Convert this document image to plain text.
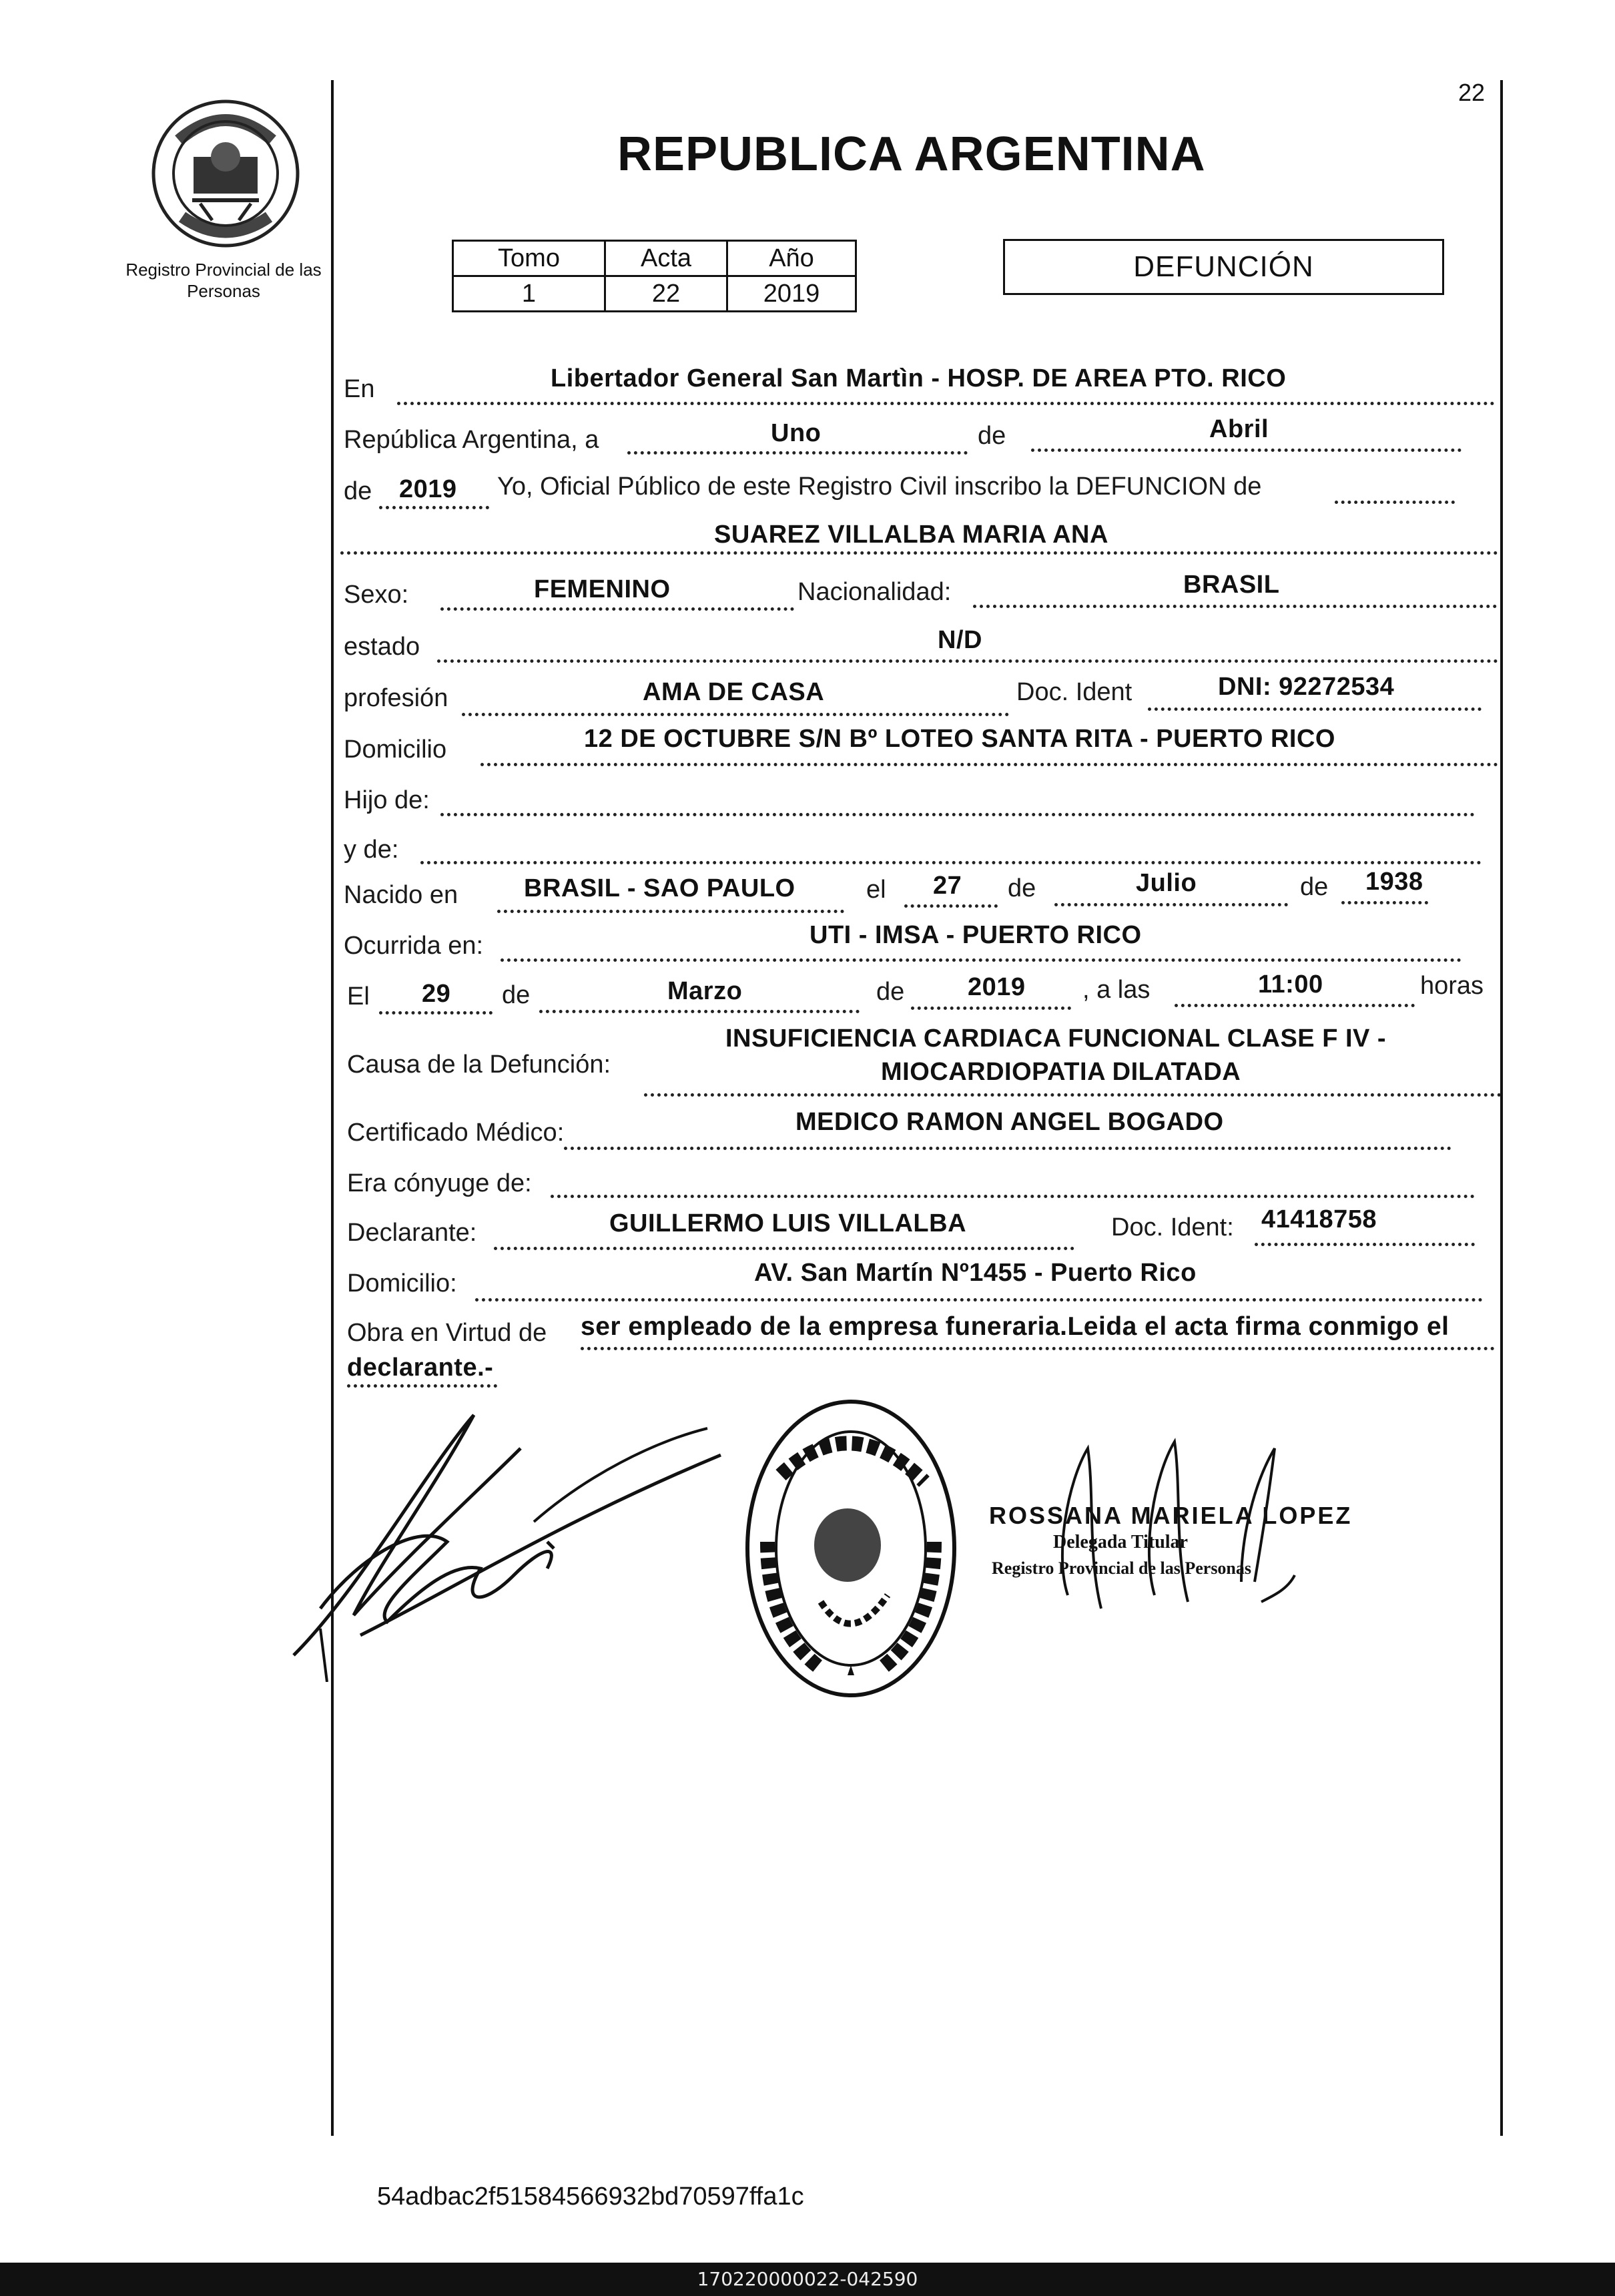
Registro Provincial de las Personas
22
REPUBLICA ARGENTINA
Tomo	Acta	Año
1	22	2019
DEFUNCIÓN
En	Libertador General San Martìn - HOSP. DE AREA PTO. RICO
República Argentina, a	Uno	de	Abril
de 2019 Yo, Oficial Público de este Registro Civil inscribo la DEFUNCION de
SUAREZ VILLALBA MARIA ANA
Sexo:	FEMENINO	Nacionalidad:	BRASIL
estado	N/D
profesión	AMA DE CASA	Doc. Ident	DNI: 92272534
Domicilio	12 DE OCTUBRE S/N Bº LOTEO SANTA RITA - PUERTO RICO
Hijo de:
y de:
Nacido en	BRASIL - SAO PAULO	el 27 de	Julio	de 1938
Ocurrida en:	UTI - IMSA - PUERTO RICO
El 29 de	Marzo	de 2019 , a las	11:00	horas
Causa de la Defunción:
INSUFICIENCIA CARDIACA FUNCIONAL CLASE F IV -
MIOCARDIOPATIA DILATADA
Certificado Médico:	MEDICO RAMON ANGEL BOGADO
Era cónyuge de:
Declarante:	GUILLERMO LUIS VILLALBA	Doc. Ident: 41418758
Domicilio:	AV. San Martín Nº1455 - Puerto Rico
Obra en Virtud de ser empleado de la empresa funeraria.Leida el acta firma conmigo el
declarante.-
ROSSANA MARIELA LOPEZ
Delegada Titular
Registro Provincial de las Personas
54adbac2f51584566932bd70597ffa1c
170220000022-042590
